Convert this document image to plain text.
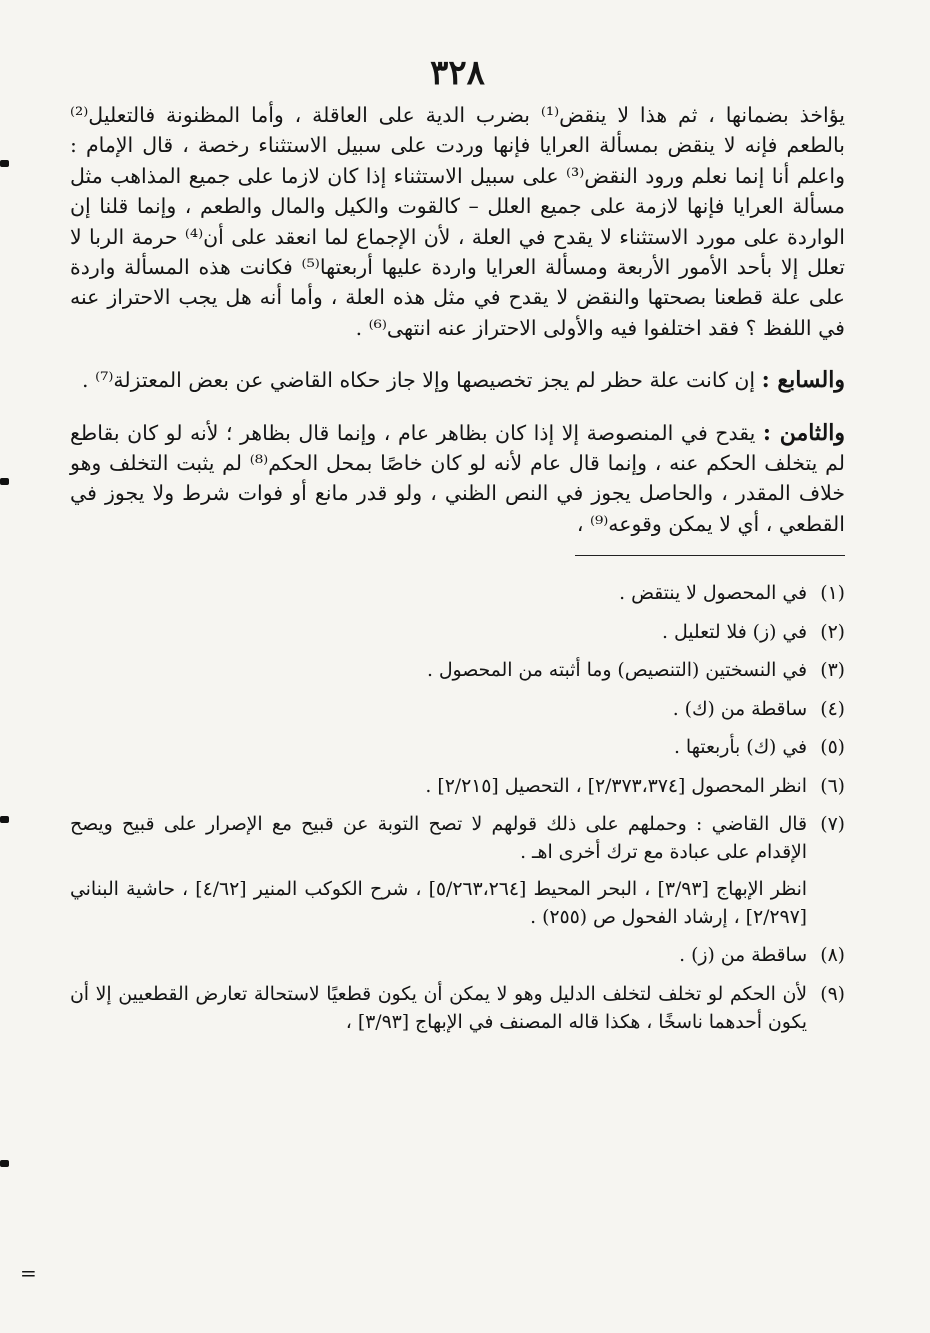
٣٢٨

يؤاخذ بضمانها ، ثم هذا لا ينقض⁽¹⁾ بضرب الدية على العاقلة ، وأما المظنونة فالتعليل⁽²⁾ بالطعم فإنه لا ينقض بمسألة العرايا فإنها وردت على سبيل الاستثناء رخصة ، قال الإمام : واعلم أنا إنما نعلم ورود النقض⁽³⁾ على سبيل الاستثناء إذا كان لازما على جميع المذاهب مثل مسألة العرايا فإنها لازمة على جميع العلل – كالقوت والكيل والمال والطعم ، وإنما قلنا إن الواردة على مورد الاستثناء لا يقدح في العلة ، لأن الإجماع لما انعقد على أن⁽⁴⁾ حرمة الربا لا تعلل إلا بأحد الأمور الأربعة ومسألة العرايا واردة عليها أربعتها⁽⁵⁾ فكانت هذه المسألة واردة على علة قطعنا بصحتها والنقض لا يقدح في مثل هذه العلة ، وأما أنه هل يجب الاحتراز عنه في اللفظ ؟ فقد اختلفوا فيه والأولى الاحتراز عنه انتهى⁽⁶⁾ .

والسابع : إن كانت علة حظر لم يجز تخصيصها وإلا جاز حكاه القاضي عن بعض المعتزلة⁽⁷⁾ .

والثامن : يقدح في المنصوصة إلا إذا كان بظاهر عام ، وإنما قال بظاهر ؛ لأنه لو كان بقاطع لم يتخلف الحكم عنه ، وإنما قال عام لأنه لو كان خاصًا بمحل الحكم⁽⁸⁾ لم يثبت التخلف وهو خلاف المقدر ، والحاصل يجوز في النص الظني ، ولو قدر مانع أو فوات شرط ولا يجوز في القطعي ، أي لا يمكن وقوعه⁽⁹⁾ ،

(١)
في المحصول لا ينتقض .
(٢)
في (ز) فلا لتعليل .
(٣)
في النسختين (التنصيص) وما أثبته من المحصول .
(٤)
ساقطة من (ك) .
(٥)
في (ك) بأربعتها .
(٦)
انظر المحصول [٢/٣٧٣،٣٧٤] ، التحصيل [٢/٢١٥] .
(٧)
قال القاضي : وحملهم على ذلك قولهم لا تصح التوبة عن قبيح مع الإصرار على قبيح ويصح الإقدام على عبادة مع ترك أخرى اهـ .
انظر الإبهاج [٣/٩٣] ، البحر المحيط [٥/٢٦٣،٢٦٤] ، شرح الكوكب المنير [٤/٦٢] ، حاشية البناني [٢/٢٩٧] ، إرشاد الفحول ص (٢٥٥) .
(٨)
ساقطة من (ز) .
(٩)
لأن الحكم لو تخلف لتخلف الدليل وهو لا يمكن أن يكون قطعيًا لاستحالة تعارض القطعيين إلا أن يكون أحدهما ناسخًا ، هكذا قاله المصنف في الإبهاج [٣/٩٣] ،
=
